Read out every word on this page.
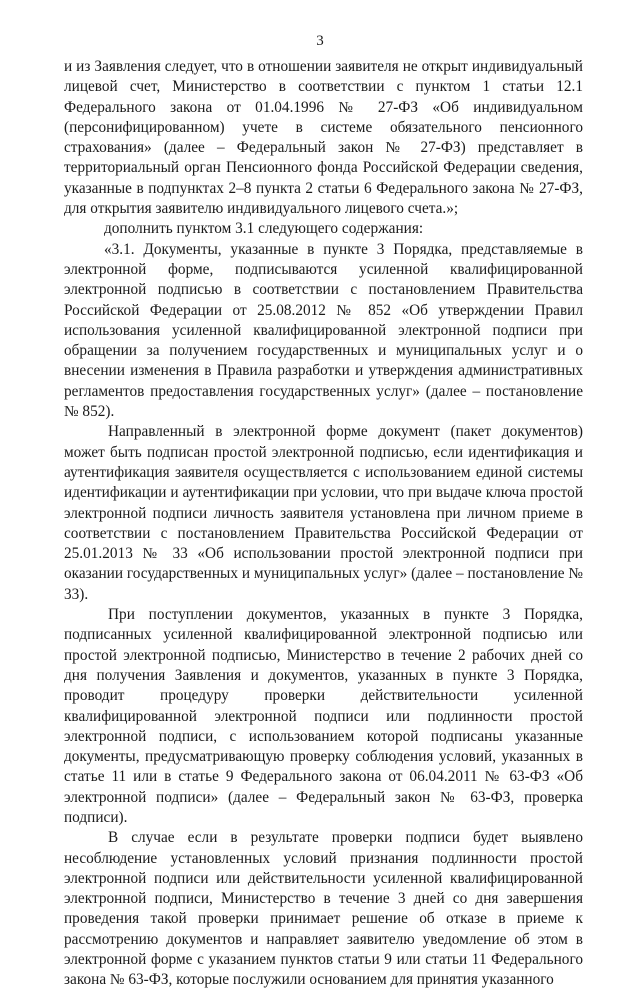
3

и из Заявления следует, что в отношении заявителя не открыт индивидуальный лицевой счет, Министерство в соответствии с пунктом 1 статьи 12.1 Федерального закона от 01.04.1996 № 27-ФЗ «Об индивидуальном (персонифицированном) учете в системе обязательного пенсионного страхования» (далее – Федеральный закон № 27-ФЗ) представляет в территориальный орган Пенсионного фонда Российской Федерации сведения, указанные в подпунктах 2–8 пункта 2 статьи 6 Федерального закона № 27-ФЗ, для открытия заявителю индивидуального лицевого счета.»;

дополнить пунктом 3.1 следующего содержания:

«3.1. Документы, указанные в пункте 3 Порядка, представляемые в электронной форме, подписываются усиленной квалифицированной электронной подписью в соответствии с постановлением Правительства Российской Федерации от 25.08.2012 № 852 «Об утверждении Правил использования усиленной квалифицированной электронной подписи при обращении за получением государственных и муниципальных услуг и о внесении изменения в Правила разработки и утверждения административных регламентов предоставления государственных услуг» (далее – постановление № 852).

Направленный в электронной форме документ (пакет документов) может быть подписан простой электронной подписью, если идентификация и аутентификация заявителя осуществляется с использованием единой системы идентификации и аутентификации при условии, что при выдаче ключа простой электронной подписи личность заявителя установлена при личном приеме в соответствии с постановлением Правительства Российской Федерации от 25.01.2013 № 33 «Об использовании простой электронной подписи при оказании государственных и муниципальных услуг» (далее – постановление № 33).

При поступлении документов, указанных в пункте 3 Порядка, подписанных усиленной квалифицированной электронной подписью или простой электронной подписью, Министерство в течение 2 рабочих дней со дня получения Заявления и документов, указанных в пункте 3 Порядка, проводит процедуру проверки действительности усиленной квалифицированной электронной подписи или подлинности простой электронной подписи, с использованием которой подписаны указанные документы, предусматривающую проверку соблюдения условий, указанных в статье 11 или в статье 9 Федерального закона от 06.04.2011 № 63-ФЗ «Об электронной подписи» (далее – Федеральный закон № 63-ФЗ, проверка подписи).

В случае если в результате проверки подписи будет выявлено несоблюдение установленных условий признания подлинности простой электронной подписи или действительности усиленной квалифицированной электронной подписи, Министерство в течение 3 дней со дня завершения проведения такой проверки принимает решение об отказе в приеме к рассмотрению документов и направляет заявителю уведомление об этом в электронной форме с указанием пунктов статьи 9 или статьи 11 Федерального закона № 63-ФЗ, которые послужили основанием для принятия указанного
